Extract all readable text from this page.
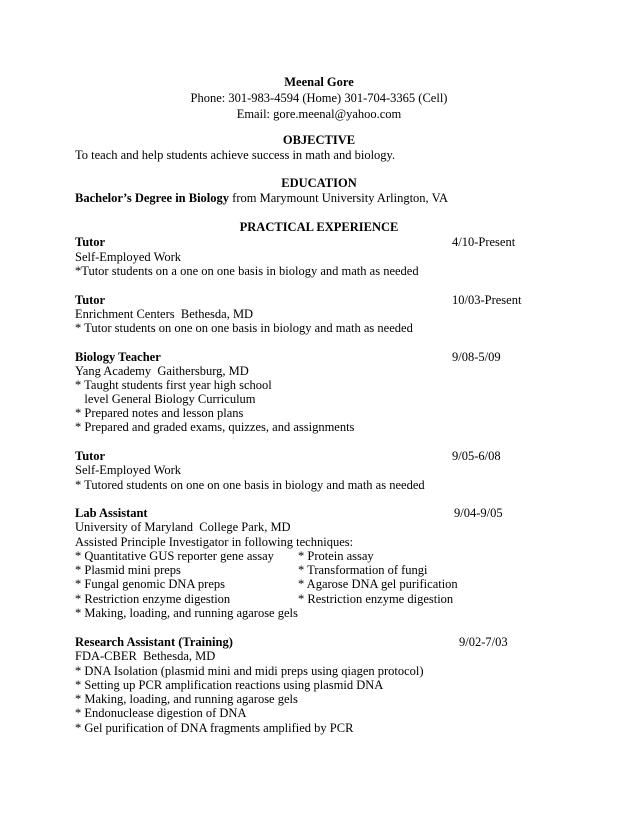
Meenal Gore
Phone: 301-983-4594 (Home) 301-704-3365 (Cell)
Email: gore.meenal@yahoo.com
OBJECTIVE
To teach and help students achieve success in math and biology.
EDUCATION
Bachelor’s Degree in Biology from Marymount University Arlington, VA
PRACTICAL EXPERIENCE
Tutor	4/10-Present
Self-Employed Work
*Tutor students on a one on one basis in biology and math as needed
Tutor	10/03-Present
Enrichment Centers  Bethesda, MD
* Tutor students on one on one basis in biology and math as needed
Biology Teacher	9/08-5/09
Yang Academy  Gaithersburg, MD
* Taught students first year high school
level General Biology Curriculum
* Prepared notes and lesson plans
* Prepared and graded exams, quizzes, and assignments
Tutor	9/05-6/08
Self-Employed Work
* Tutored students on one on one basis in biology and math as needed
Lab Assistant	9/04-9/05
University of Maryland  College Park, MD
Assisted Principle Investigator in following techniques:
* Quantitative GUS reporter gene assay * Protein assay
* Plasmid mini preps	* Transformation of fungi
* Fungal genomic DNA preps	* Agarose DNA gel purification
* Restriction enzyme digestion	* Restriction enzyme digestion
* Making, loading, and running agarose gels
Research Assistant (Training)	9/02-7/03
FDA-CBER  Bethesda, MD
* DNA Isolation (plasmid mini and midi preps using qiagen protocol)
* Setting up PCR amplification reactions using plasmid DNA
* Making, loading, and running agarose gels
* Endonuclease digestion of DNA
* Gel purification of DNA fragments amplified by PCR
